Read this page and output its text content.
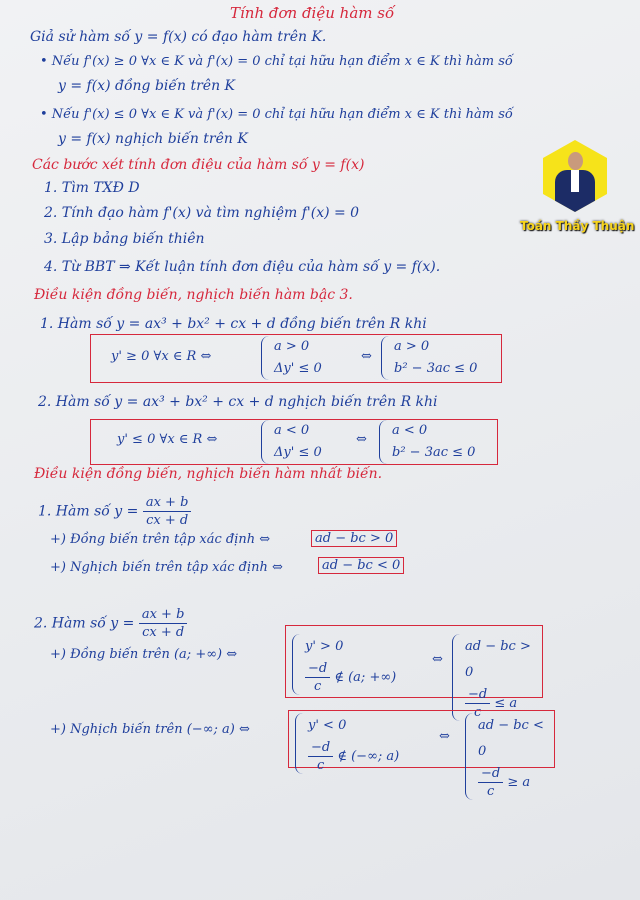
Tính đơn điệu hàm số
Giả sử hàm số y = f(x) có đạo hàm trên K.
• Nếu f'(x) ≥ 0 ∀x ∈ K và f'(x) = 0 chỉ tại hữu hạn điểm x ∈ K thì hàm số
y = f(x) đồng biến trên K
• Nếu f'(x) ≤ 0 ∀x ∈ K và f'(x) = 0 chỉ tại hữu hạn điểm x ∈ K thì hàm số
y = f(x) nghịch biến trên K
Các bước xét tính đơn điệu của hàm số y = f(x)
1. Tìm TXĐ D
2. Tính đạo hàm f'(x) và tìm nghiệm f'(x) = 0
3. Lập bảng biến thiên
4. Từ BBT ⇒ Kết luận tính đơn điệu của hàm số y = f(x).
Toán Thầy Thuận
Điều kiện đồng biến, nghịch biến hàm bậc 3.
1. Hàm số y = ax³ + bx² + cx + d đồng biến trên R khi
y' ≥ 0 ∀x ∈ R ⇔
a > 0
Δy' ≤ 0
⇔
a > 0
b² − 3ac ≤ 0
2. Hàm số y = ax³ + bx² + cx + d nghịch biến trên R khi
y' ≤ 0 ∀x ∈ R ⇔
a < 0
Δy' ≤ 0
⇔
a < 0
b² − 3ac ≤ 0
Điều kiện đồng biến, nghịch biến hàm nhất biến.
1. Hàm số $y = \frac{ax + b}{cx + d}$
+) Đồng biến trên tập xác định ⇔	ad − bc > 0
+) Nghịch biến trên tập xác định ⇔	ad − bc < 0
2. Hàm số $y = \frac{ax + b}{cx + d}$
+) Đồng biến trên (a; +∞) ⇔
y' > 0
$\frac{-d}{c}$ ∉ (a; +∞)
⇔
ad − bc > 0
$\frac{-d}{c} \le a$
+) Nghịch biến trên (−∞; a) ⇔	y' < 0
$\frac{-d}{c}$ ∉ (−∞; a)
⇔
ad − bc < 0
$\frac{-d}{c} \ge a$
